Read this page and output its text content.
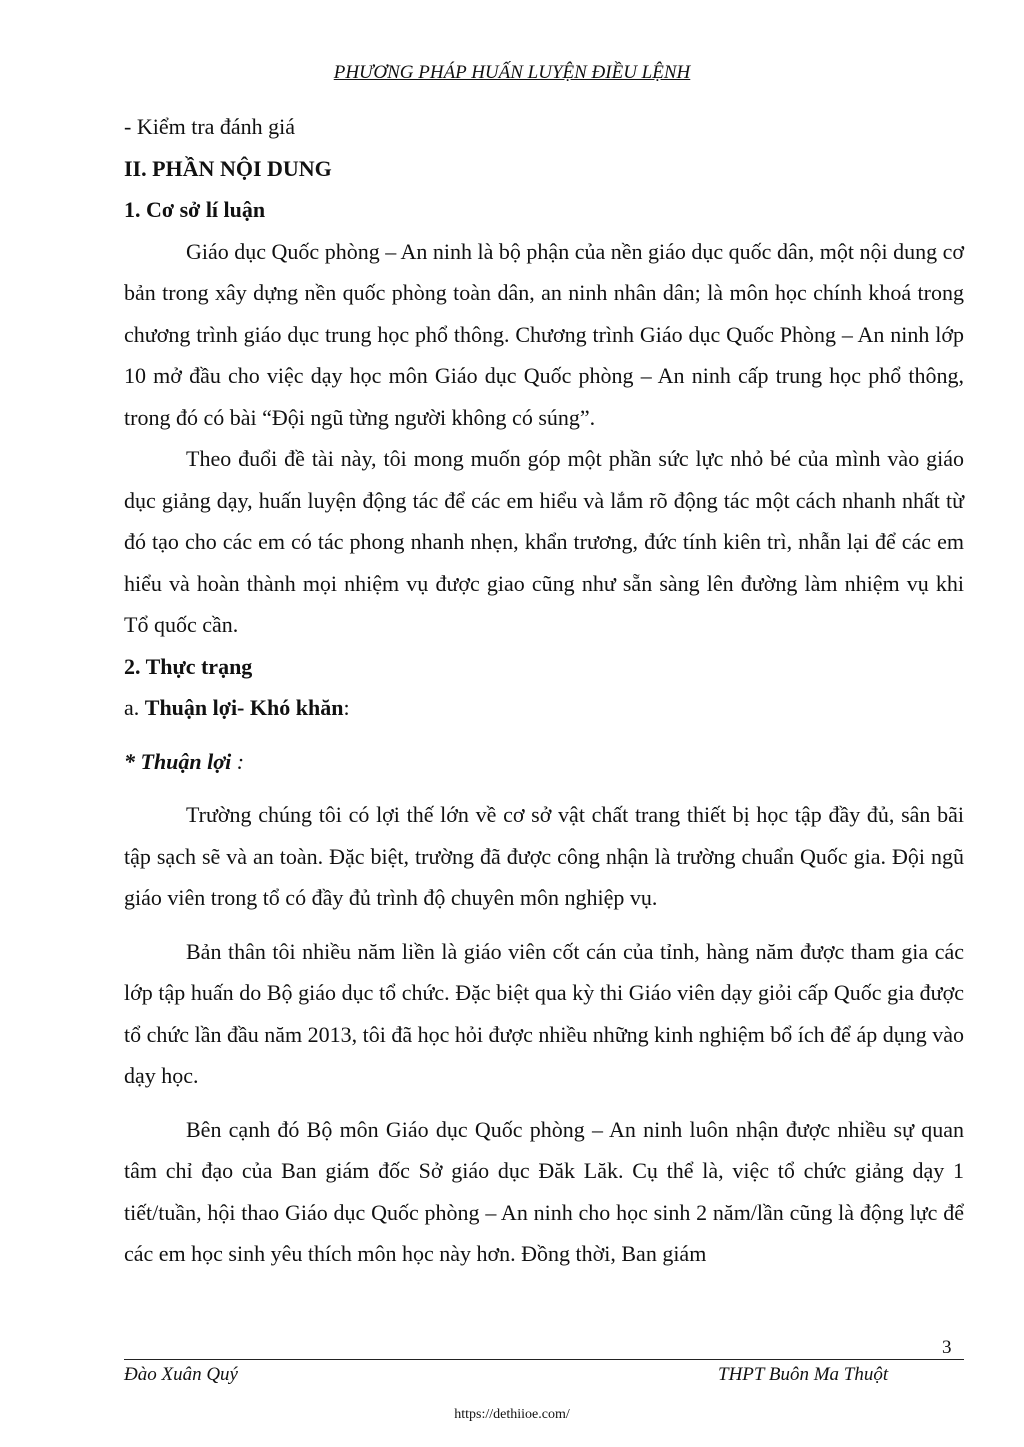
PHƯƠNG PHÁP HUẤN LUYỆN ĐIỀU LỆNH

- Kiểm tra đánh giá

II. PHẦN NỘI DUNG

1. Cơ sở lí luận

Giáo dục Quốc phòng – An ninh là bộ phận của nền giáo dục quốc dân, một nội dung cơ bản trong xây dựng nền quốc phòng toàn dân, an ninh nhân dân; là môn học chính khoá trong chương trình giáo dục trung học phổ thông. Chương trình Giáo dục Quốc Phòng – An ninh lớp 10 mở đầu cho việc dạy học môn Giáo dục Quốc phòng – An ninh cấp trung học phổ thông, trong đó có bài “Đội ngũ từng người không có súng”.

Theo đuổi đề tài này, tôi mong muốn góp một phần sức lực nhỏ bé của mình vào giáo dục giảng dạy, huấn luyện động tác để các em hiểu và lắm rõ động tác một cách nhanh nhất từ đó tạo cho các em có tác phong nhanh nhẹn, khẩn trương, đức tính kiên trì, nhẫn lại để các em hiểu và hoàn thành mọi nhiệm vụ được giao cũng như sẵn sàng lên đường làm nhiệm vụ khi Tổ quốc cần.

2. Thực trạng

a. Thuận lợi- Khó khăn:

* Thuận lợi :

Trường chúng tôi có lợi thế lớn về cơ sở vật chất trang thiết bị học tập đầy đủ, sân bãi tập sạch sẽ và an toàn. Đặc biệt, trường đã được công nhận là trường chuẩn Quốc gia. Đội ngũ giáo viên trong tổ có đầy đủ trình độ chuyên môn nghiệp vụ.

Bản thân tôi nhiều năm liền là giáo viên cốt cán của tỉnh, hàng năm được tham gia các lớp tập huấn do Bộ giáo dục tổ chức. Đặc biệt qua kỳ thi Giáo viên dạy giỏi cấp Quốc gia được tổ chức lần đầu năm 2013, tôi đã học hỏi được nhiều những kinh nghiệm bổ ích để áp dụng vào dạy học.

Bên cạnh đó Bộ môn Giáo dục Quốc phòng – An ninh luôn nhận được nhiều sự quan tâm chỉ đạo của Ban giám đốc Sở giáo dục Đăk Lăk. Cụ thể là, việc tổ chức giảng dạy 1 tiết/tuần, hội thao Giáo dục Quốc phòng – An ninh cho học sinh 2 năm/lần cũng là động lực để các em học sinh yêu thích môn học này hơn. Đồng thời, Ban giám

3
Đào Xuân Quý	THPT Buôn Ma Thuột
https://dethiioe.com/
